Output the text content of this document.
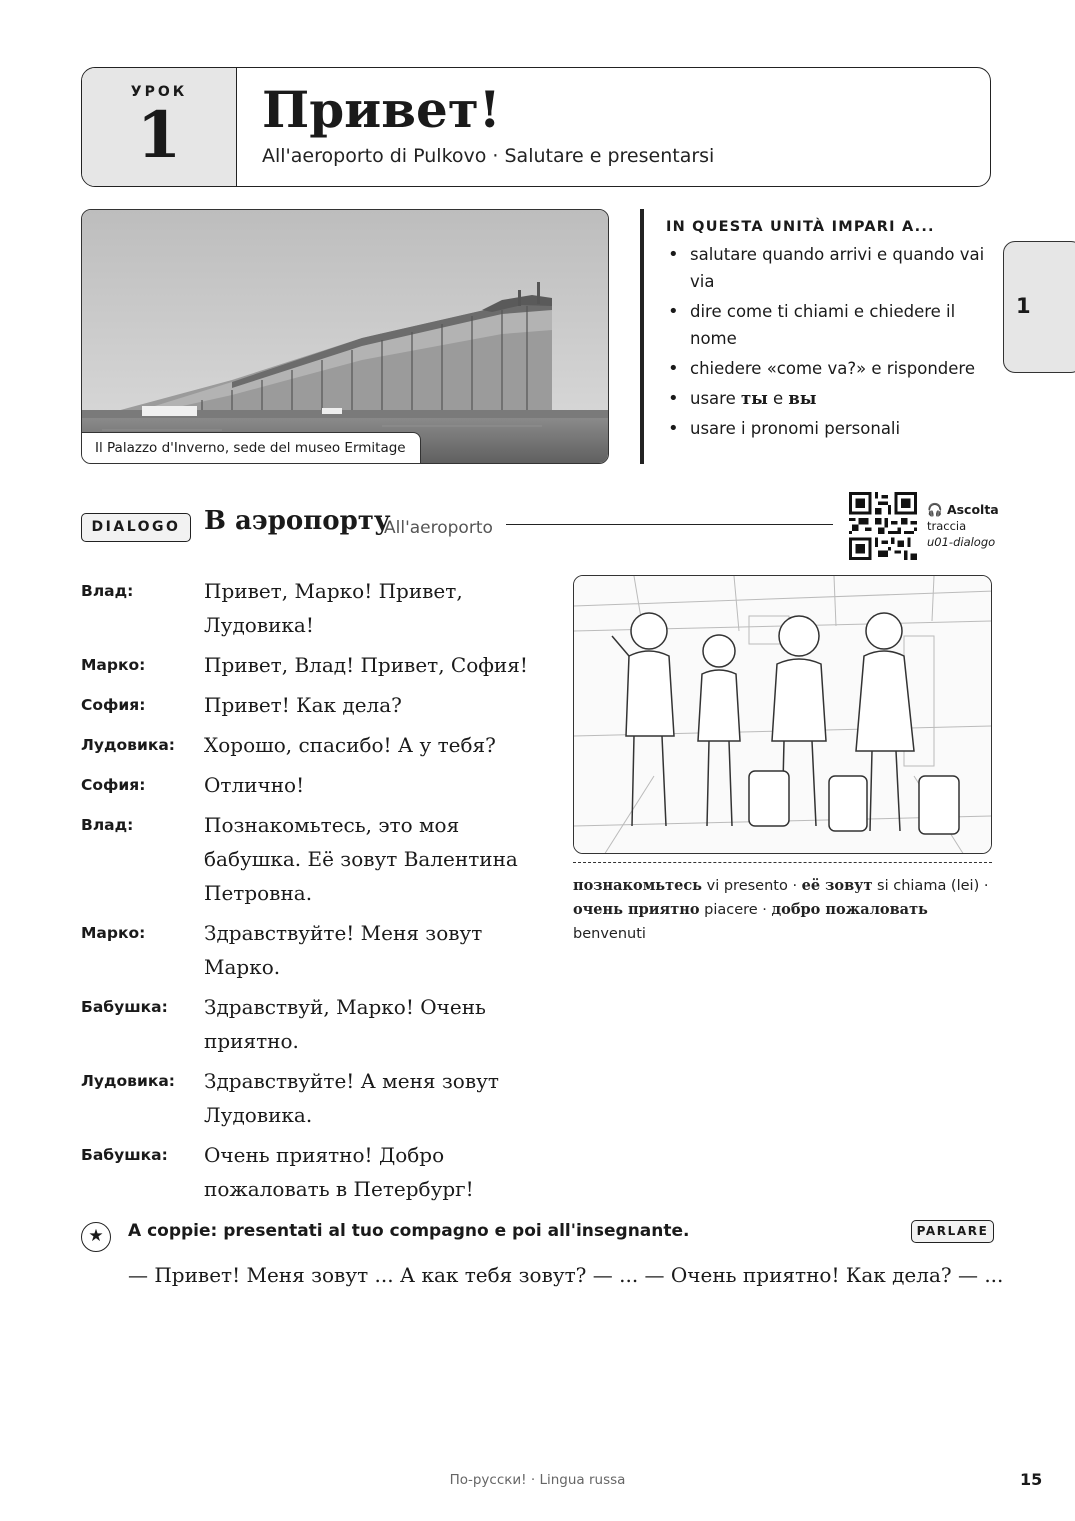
УРОК
1	Привет!
All'aeroporto di Pulkovo · Salutare e presentarsi
Il Palazzo d'Inverno, sede del museo Ermitage
IN QUESTA UNITÀ IMPARI A...
• salutare quando arrivi e quando vai via
• dire come ti chiami e chiedere il nome
• chiedere «come va?» e rispondere
• usare ты e вы
• usare i pronomi personali
1
DIALOGO В аэропорту
All'aeroporto
🎧 Ascolta
traccia
u01-dialogo
Влад:	Привет, Марко! Привет, Лудовика!
Марко:	Привет, Влад! Привет, София!
София:	Привет! Как дела?
Лудовика:	Хорошо, спасибо! А у тебя?
София:	Отлично!
Влад:	Познакомьтесь, это моя бабушка. Её зовут Валентина Петровна.
Марко:	Здравствуйте! Меня зовут Марко.
Бабушка:	Здравствуй, Марко! Очень приятно.
Лудовика:	Здравствуйте! А меня зовут Лудовика.
Бабушка:	Очень приятно! Добро пожаловать в Петербург!
познакомьтесь vi presento · её зовут si chiama (lei) · очень приятно piacere · добро пожаловать benvenuti
★	A coppie: presentati al tuo compagno e poi all'insegnante.	PARLARE
— Привет! Меня зовут ... А как тебя зовут? — ... — Очень приятно! Как дела? — ...
По-русски! · Lingua russa	15
